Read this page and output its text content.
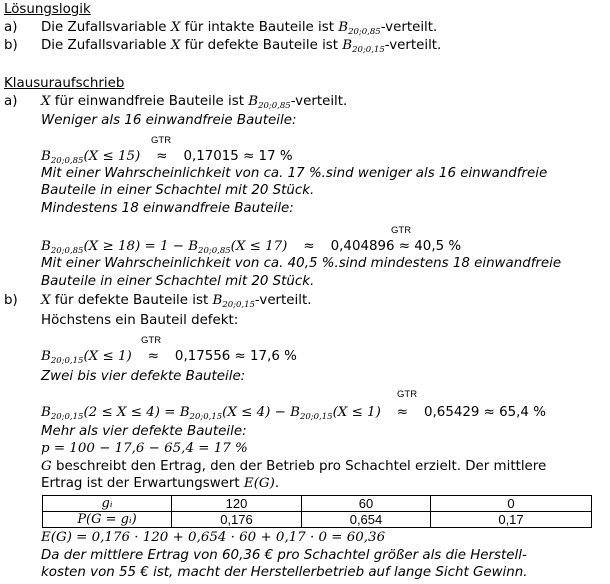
Lösungslogik
a) Die Zufallsvariable X für intakte Bauteile ist $B_{20;0,85}$-verteilt.
b) Die Zufallsvariable X für defekte Bauteile ist $B_{20;0,15}$-verteilt.
Klausuraufschrieb
a) X für einwandfreie Bauteile ist $B_{20;0,85}$-verteilt.
Weniger als 16 einwandfreie Bauteile:
GTR
$B_{20;0,85}(X \le 15) \approx 0,17015 \approx 17$ %
Mit einer Wahrscheinlichkeit von ca. 17 %.sind weniger als 16 einwandfreie
Bauteile in einer Schachtel mit 20 Stück.
Mindestens 18 einwandfreie Bauteile:
GTR
$B_{20;0,85}(X \ge 18) = 1 - B_{20;0,85}(X \le 17) \approx 0,404896 \approx 40,5$ %
Mit einer Wahrscheinlichkeit von ca. 40,5 %.sind mindestens 18 einwandfreie
Bauteile in einer Schachtel mit 20 Stück.
b) X für defekte Bauteile ist $B_{20;0,15}$-verteilt.
Höchstens ein Bauteil defekt:
GTR
$B_{20;0,15}(X \le 1) \approx 0,17556 \approx 17,6$ %
Zwei bis vier defekte Bauteile:
GTR
$B_{20;0,15}(2 \le X \le 4) = B_{20;0,15}(X \le 4) - B_{20;0,15}(X \le 1) \approx 0,65429 \approx 65,4$ %
Mehr als vier defekte Bauteile:
p = 100 − 17,6 − 65,4 = 17 %
G beschreibt den Ertrag, den der Betrieb pro Schachtel erzielt. Der mittlere
Ertrag ist der Erwartungswert E(G).
gᵢ	120	60	0
P(G = gᵢ)	0,176	0,654	0,17
E(G) = 0,176 · 120 + 0,654 · 60 + 0,17 · 0 = 60,36
Da der mittlere Ertrag von 60,36 € pro Schachtel größer als die Herstell-
kosten von 55 € ist, macht der Herstellerbetrieb auf lange Sicht Gewinn.
